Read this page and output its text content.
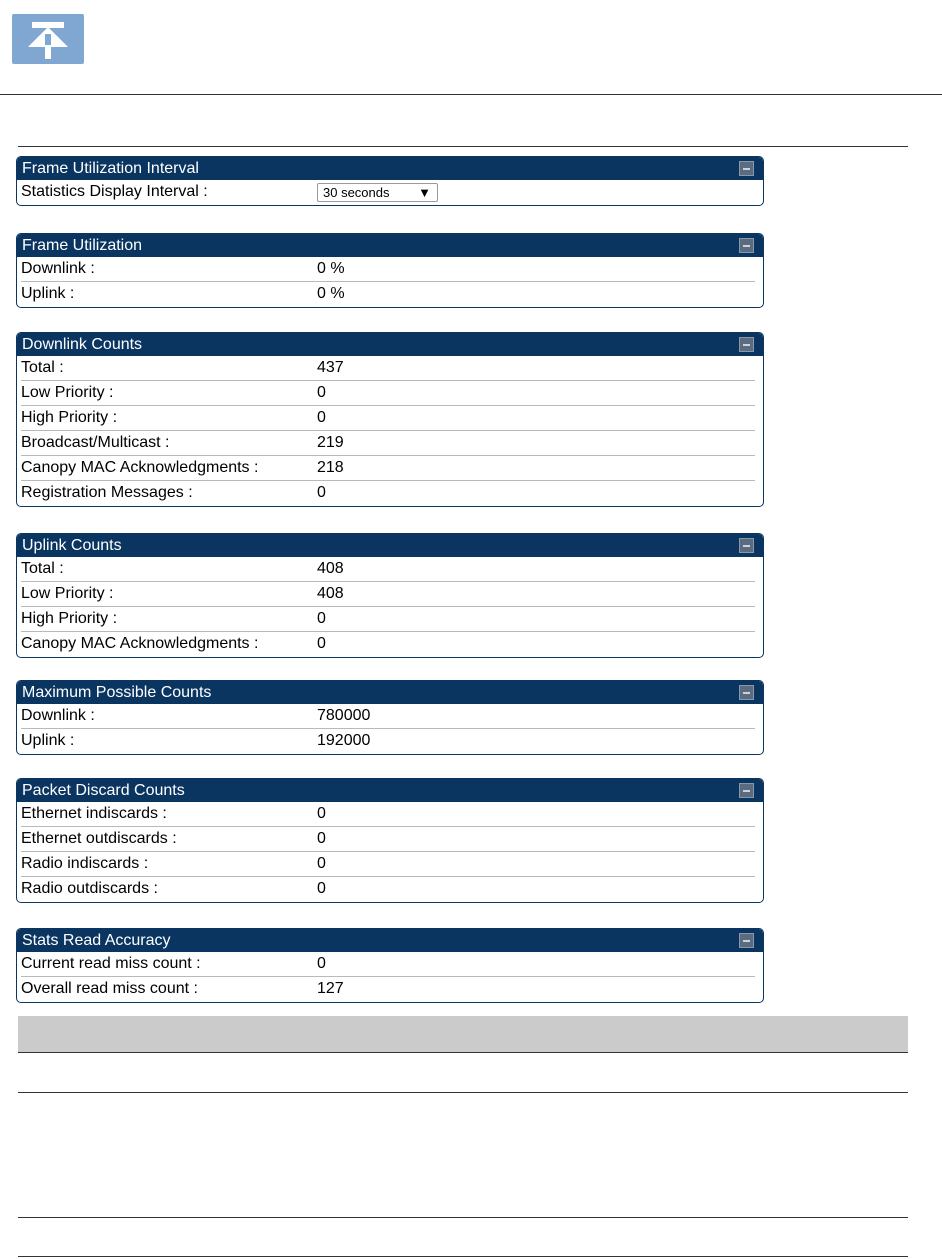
Frame Utilization Interval
Statistics Display Interval :	30 seconds ▼
Frame Utilization
Downlink :	0 %
Uplink :	0 %
Downlink Counts
Total :	437
Low Priority :	0
High Priority :	0
Broadcast/Multicast :	219
Canopy MAC Acknowledgments :	218
Registration Messages :	0
Uplink Counts
Total :	408
Low Priority :	408
High Priority :	0
Canopy MAC Acknowledgments :	0
Maximum Possible Counts
Downlink :	780000
Uplink :	192000
Packet Discard Counts
Ethernet indiscards :	0
Ethernet outdiscards :	0
Radio indiscards :	0
Radio outdiscards :	0
Stats Read Accuracy
Current read miss count :	0
Overall read miss count :	127
